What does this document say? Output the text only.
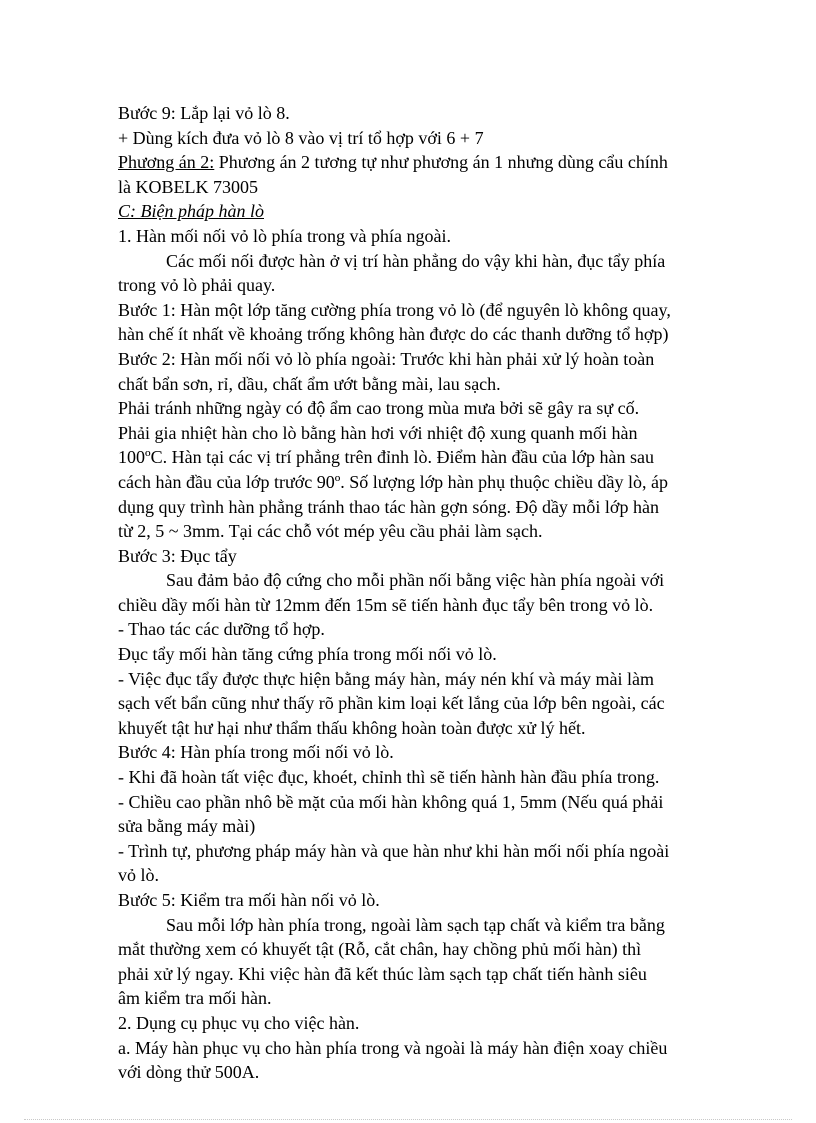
Bước 9: Lắp lại vỏ lò 8.
+ Dùng kích đưa vỏ lò 8 vào vị trí tổ hợp với 6 + 7
Phương án 2: Phương án 2 tương tự như phương án 1 nhưng dùng cẩu chính
là KOBELK 73005
C: Biện pháp hàn lò
1. Hàn mối nối vỏ lò phía trong và phía ngoài.
Các mối nối được hàn ở vị trí hàn phẳng do vậy khi hàn, đục tẩy phía
trong vỏ lò phải quay.
Bước 1: Hàn một lớp tăng cường phía trong vỏ lò (để nguyên lò không quay,
hàn chế ít nhất về khoảng trống không hàn được do các thanh dưỡng tổ hợp)
Bước 2: Hàn mối nối vỏ lò phía ngoài: Trước khi hàn phải xử lý hoàn toàn
chất bẩn sơn, rỉ, dầu, chất ẩm ướt bằng mài, lau sạch.
Phải tránh những ngày có độ ẩm cao trong mùa mưa bởi sẽ gây ra sự cố.
Phải gia nhiệt hàn cho lò bằng hàn hơi với nhiệt độ xung quanh mối hàn
100ºC. Hàn tại các vị trí phẳng trên đỉnh lò. Điểm hàn đầu của lớp hàn sau
cách hàn đầu của lớp trước 90º. Số lượng lớp hàn phụ thuộc chiều dầy lò, áp
dụng quy trình hàn phẳng tránh thao tác hàn gợn sóng. Độ dầy mỗi lớp hàn
từ 2, 5 ~ 3mm. Tại các chỗ vót mép yêu cầu phải làm sạch.
Bước 3: Đục tẩy
Sau đảm bảo độ cứng cho mỗi phần nối bằng việc hàn phía ngoài với
chiều dầy mối hàn từ 12mm đến 15m sẽ tiến hành đục tẩy bên trong vỏ lò.
- Thao tác các dưỡng tổ hợp.
Đục tẩy mối hàn tăng cứng phía trong mối nối vỏ lò.
- Việc đục tẩy được thực hiện bằng máy hàn, máy nén khí và máy mài làm
sạch vết bẩn cũng như thấy rõ phần kim loại kết lắng của lớp bên ngoài, các
khuyết tật hư hại như thẩm thấu không hoàn toàn được xử lý hết.
Bước 4: Hàn phía trong mối nối vỏ lò.
- Khi đã hoàn tất việc đục, khoét, chỉnh thì sẽ tiến hành hàn đầu phía trong.
- Chiều cao phần nhô bề mặt của mối hàn không quá 1, 5mm (Nếu quá phải
sửa bằng máy mài)
- Trình tự, phương pháp máy hàn và que hàn như khi hàn mối nối phía ngoài
vỏ lò.
Bước 5: Kiểm tra mối hàn nối vỏ lò.
Sau mỗi lớp hàn phía trong, ngoài làm sạch tạp chất và kiểm tra bằng
mắt thường xem có khuyết tật (Rỗ, cắt chân, hay chồng phủ mối hàn) thì
phải xử lý ngay. Khi việc hàn đã kết thúc làm sạch tạp chất tiến hành siêu
âm kiểm tra mối hàn.
2. Dụng cụ phục vụ cho việc hàn.
a. Máy hàn phục vụ cho hàn phía trong và ngoài là máy hàn điện xoay chiều
với dòng thử 500A.
